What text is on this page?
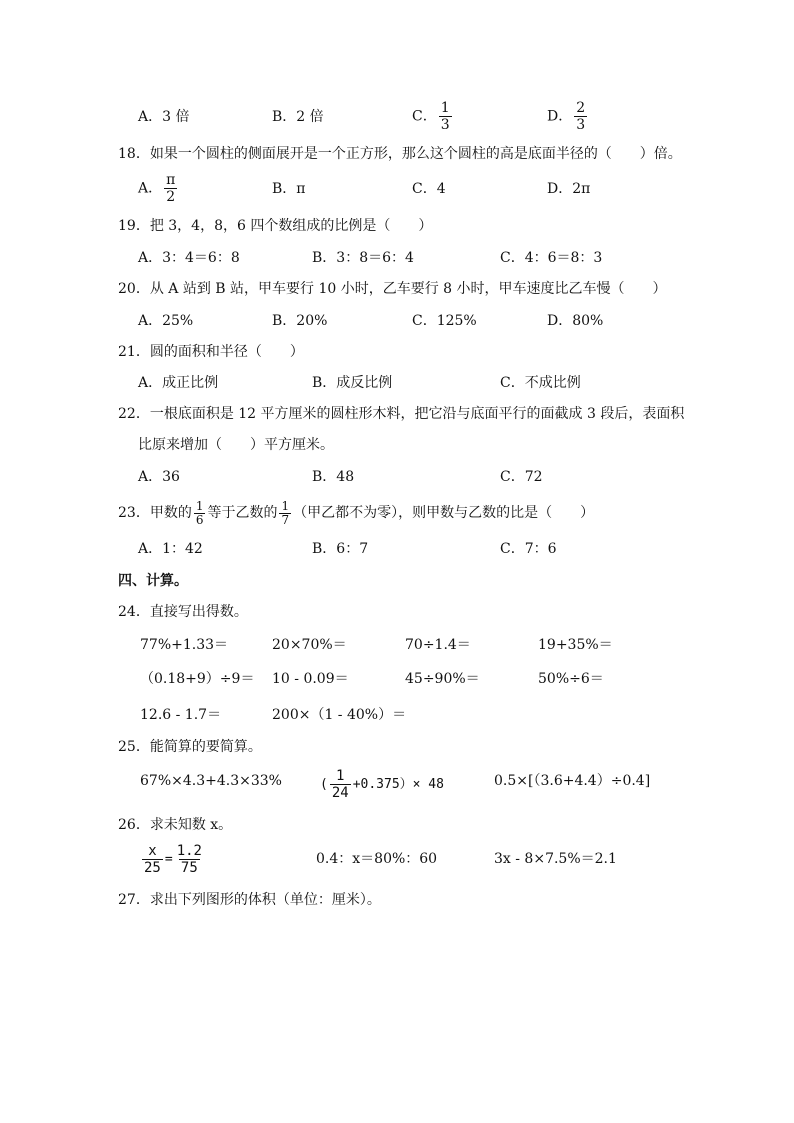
A．3 倍	B．2 倍	C． $\frac{1}{3}$	D． $\frac{2}{3}$
18．如果一个圆柱的侧面展开是一个正方形，那么这个圆柱的高是底面半径的（　　）倍。
A． $\frac{\pi}{2}$	B．π	C．4	D．2π
19．把 3，4，8，6 四个数组成的比例是（　　）
A．3：4＝6：8	B．3：8＝6：4	C．4：6＝8：3
20．从 A 站到 B 站，甲车要行 10 小时，乙车要行 8 小时，甲车速度比乙车慢（　　）
A．25%	B．20%	C．125%	D．80%
21．圆的面积和半径（　　）
A．成正比例	B．成反比例	C．不成比例
22．一根底面积是 12 平方厘米的圆柱形木料，把它沿与底面平行的面截成 3 段后，表面积
比原来增加（　　）平方厘米。
A．36	B．48	C．72
23．甲数的 $\frac{1}{6}$ 等于乙数的 $\frac{1}{7}$ （甲乙都不为零），则甲数与乙数的比是（　　）
A．1：42	B．6：7	C．7：6
四、计算。
24．直接写出得数。
77%+1.33＝	20×70%＝	70÷1.4＝	19+35%＝
（0.18+9）÷9＝ 10 - 0.09＝	45÷90%＝	50%÷6＝
12.6 - 1.7＝	200×（1 - 40%）＝
25．能简算的要简算。
67%×4.3+4.3×33%	( $\frac{1}{24} +0.375)\times 48$	0.5×[（3.6+4.4）÷0.4]
26．求未知数 x。
$\frac{x}{25} = \frac{1.2}{75}$	0.4：x＝80%：60	3x - 8×7.5%＝2.1
27．求出下列图形的体积（单位：厘米）。
